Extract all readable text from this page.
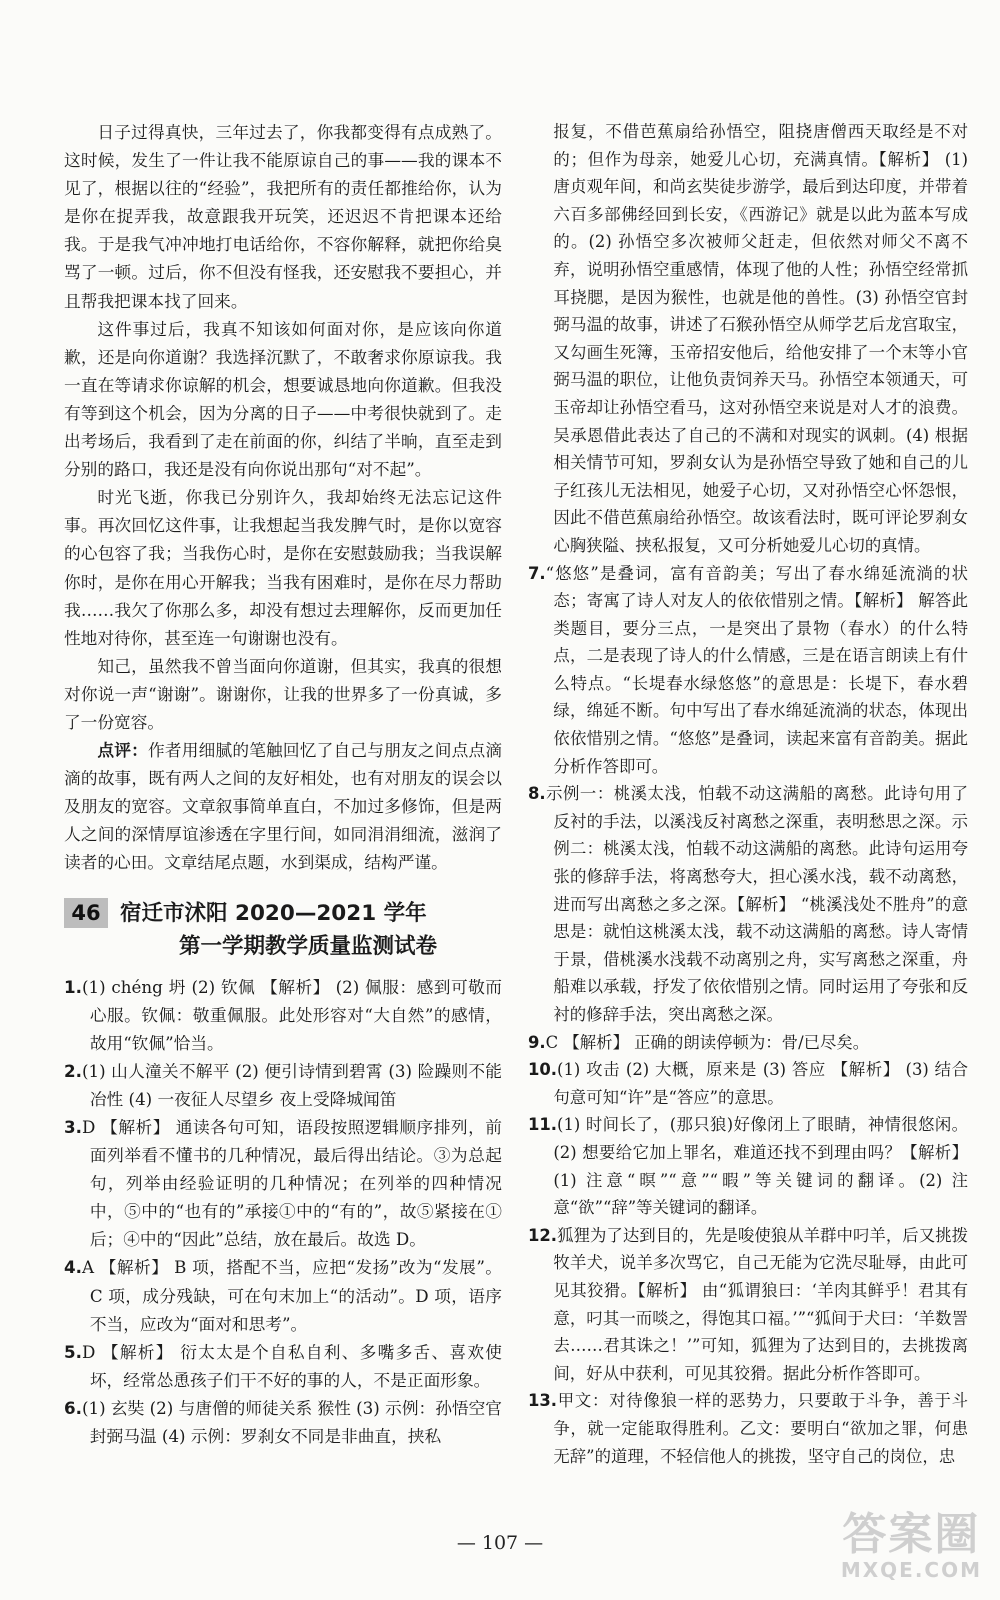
日子过得真快，三年过去了，你我都变得有点成熟了。这时候，发生了一件让我不能原谅自己的事——我的课本不见了，根据以往的“经验”，我把所有的责任都推给你，认为是你在捉弄我，故意跟我开玩笑，还迟迟不肯把课本还给我。于是我气冲冲地打电话给你，不容你解释，就把你给臭骂了一顿。过后，你不但没有怪我，还安慰我不要担心，并且帮我把课本找了回来。

这件事过后，我真不知该如何面对你，是应该向你道歉，还是向你道谢？我选择沉默了，不敢奢求你原谅我。我一直在等请求你谅解的机会，想要诚恳地向你道歉。但我没有等到这个机会，因为分离的日子——中考很快就到了。走出考场后，我看到了走在前面的你，纠结了半晌，直至走到分别的路口，我还是没有向你说出那句“对不起”。

时光飞逝，你我已分别许久，我却始终无法忘记这件事。再次回忆这件事，让我想起当我发脾气时，是你以宽容的心包容了我；当我伤心时，是你在安慰鼓励我；当我误解你时，是你在用心开解我；当我有困难时，是你在尽力帮助我……我欠了你那么多，却没有想过去理解你，反而更加任性地对待你，甚至连一句谢谢也没有。

知己，虽然我不曾当面向你道谢，但其实，我真的很想对你说一声“谢谢”。谢谢你，让我的世界多了一份真诚，多了一份宽容。

点评：作者用细腻的笔触回忆了自己与朋友之间点点滴滴的故事，既有两人之间的友好相处，也有对朋友的误会以及朋友的宽容。文章叙事简单直白，不加过多修饰，但是两人之间的深情厚谊渗透在字里行间，如同涓涓细流，滋润了读者的心田。文章结尾点题，水到渠成，结构严谨。

46 宿迁市沭阳 2020—2021 学年
第一学期教学质量监测试卷

1.(1) chéng 坍 (2) 钦佩 【解析】 (2) 佩服：感到可敬而心服。钦佩：敬重佩服。此处形容对“大自然”的感情，故用“钦佩”恰当。

2.(1) 山人潼关不解平 (2) 便引诗情到碧霄 (3) 险躁则不能冶性 (4) 一夜征人尽望乡 夜上受降城闻笛

3.D 【解析】 通读各句可知，语段按照逻辑顺序排列，前面列举看不懂书的几种情况，最后得出结论。③为总起句，列举由经验证明的几种情况；在列举的四种情况中，⑤中的“也有的”承接①中的“有的”，故⑤紧接在①后；④中的“因此”总结，放在最后。故选 D。

4.A 【解析】 B 项，搭配不当，应把“发扬”改为“发展”。C 项，成分残缺，可在句末加上“的活动”。D 项，语序不当，应改为“面对和思考”。

5.D 【解析】 衍太太是个自私自利、多嘴多舌、喜欢使坏，经常怂恿孩子们干不好的事的人，不是正面形象。

6.(1) 玄奘 (2) 与唐僧的师徒关系 猴性 (3) 示例：孙悟空官封弼马温 (4) 示例：罗刹女不同是非曲直，挟私

报复，不借芭蕉扇给孙悟空，阻挠唐僧西天取经是不对的；但作为母亲，她爱儿心切，充满真情。【解析】 (1) 唐贞观年间，和尚玄奘徒步游学，最后到达印度，并带着六百多部佛经回到长安，《西游记》就是以此为蓝本写成的。(2) 孙悟空多次被师父赶走，但依然对师父不离不弃，说明孙悟空重感情，体现了他的人性；孙悟空经常抓耳挠腮，是因为猴性，也就是他的兽性。(3) 孙悟空官封弼马温的故事，讲述了石猴孙悟空从师学艺后龙宫取宝，又勾画生死簿，玉帝招安他后，给他安排了一个末等小官弼马温的职位，让他负责饲养天马。孙悟空本领通天，可玉帝却让孙悟空看马，这对孙悟空来说是对人才的浪费。吴承恩借此表达了自己的不满和对现实的讽刺。(4) 根据相关情节可知，罗刹女认为是孙悟空导致了她和自己的儿子红孩儿无法相见，她爱子心切，又对孙悟空心怀怨恨，因此不借芭蕉扇给孙悟空。故该看法时，既可评论罗刹女心胸狭隘、挟私报复，又可分析她爱儿心切的真情。

7.“悠悠”是叠词，富有音韵美；写出了春水绵延流淌的状态；寄寓了诗人对友人的依依惜别之情。【解析】 解答此类题目，要分三点，一是突出了景物（春水）的什么特点，二是表现了诗人的什么情感，三是在语言朗读上有什么特点。“长堤春水绿悠悠”的意思是：长堤下，春水碧绿，绵延不断。句中写出了春水绵延流淌的状态，体现出依依惜别之情。“悠悠”是叠词，读起来富有音韵美。据此分析作答即可。

8.示例一：桃溪太浅，怕载不动这满船的离愁。此诗句用了反衬的手法，以溪浅反衬离愁之深重，表明愁思之深。示例二：桃溪太浅，怕载不动这满船的离愁。此诗句运用夸张的修辞手法，将离愁夸大，担心溪水浅，载不动离愁，进而写出离愁之多之深。【解析】 “桃溪浅处不胜舟”的意思是：就怕这桃溪太浅，载不动这满船的离愁。诗人寄情于景，借桃溪水浅载不动离别之舟，实写离愁之深重，舟船难以承载，抒发了依依惜别之情。同时运用了夸张和反衬的修辞手法，突出离愁之深。

9.C 【解析】 正确的朗读停顿为：骨/已尽矣。

10.(1) 攻击 (2) 大概，原来是 (3) 答应 【解析】 (3) 结合句意可知“许”是“答应”的意思。

11.(1) 时间长了，(那只狼)好像闭上了眼睛，神情很悠闲。(2) 想要给它加上罪名，难道还找不到理由吗？【解析】 (1) 注意“暝”“意”“暇”等关键词的翻译。(2) 注意“欲”“辞”等关键词的翻译。

12.狐狸为了达到目的，先是唆使狼从羊群中叼羊，后又挑拨牧羊犬，说羊多次骂它，自己无能为它洗尽耻辱，由此可见其狡猾。【解析】 由“狐谓狼曰：‘羊肉其鲜乎！君其有意，叼其一而啖之，得饱其口福。’”“狐间于犬曰：‘羊数詈去……君其诛之！’”可知，狐狸为了达到目的，去挑拨离间，好从中获利，可见其狡猾。据此分析作答即可。

13.甲文：对待像狼一样的恶势力，只要敢于斗争，善于斗争，就一定能取得胜利。乙文：要明白“欲加之罪，何患无辞”的道理，不轻信他人的挑拨，坚守自己的岗位，忠

— 107 —	答案圈
MXQE.COM
